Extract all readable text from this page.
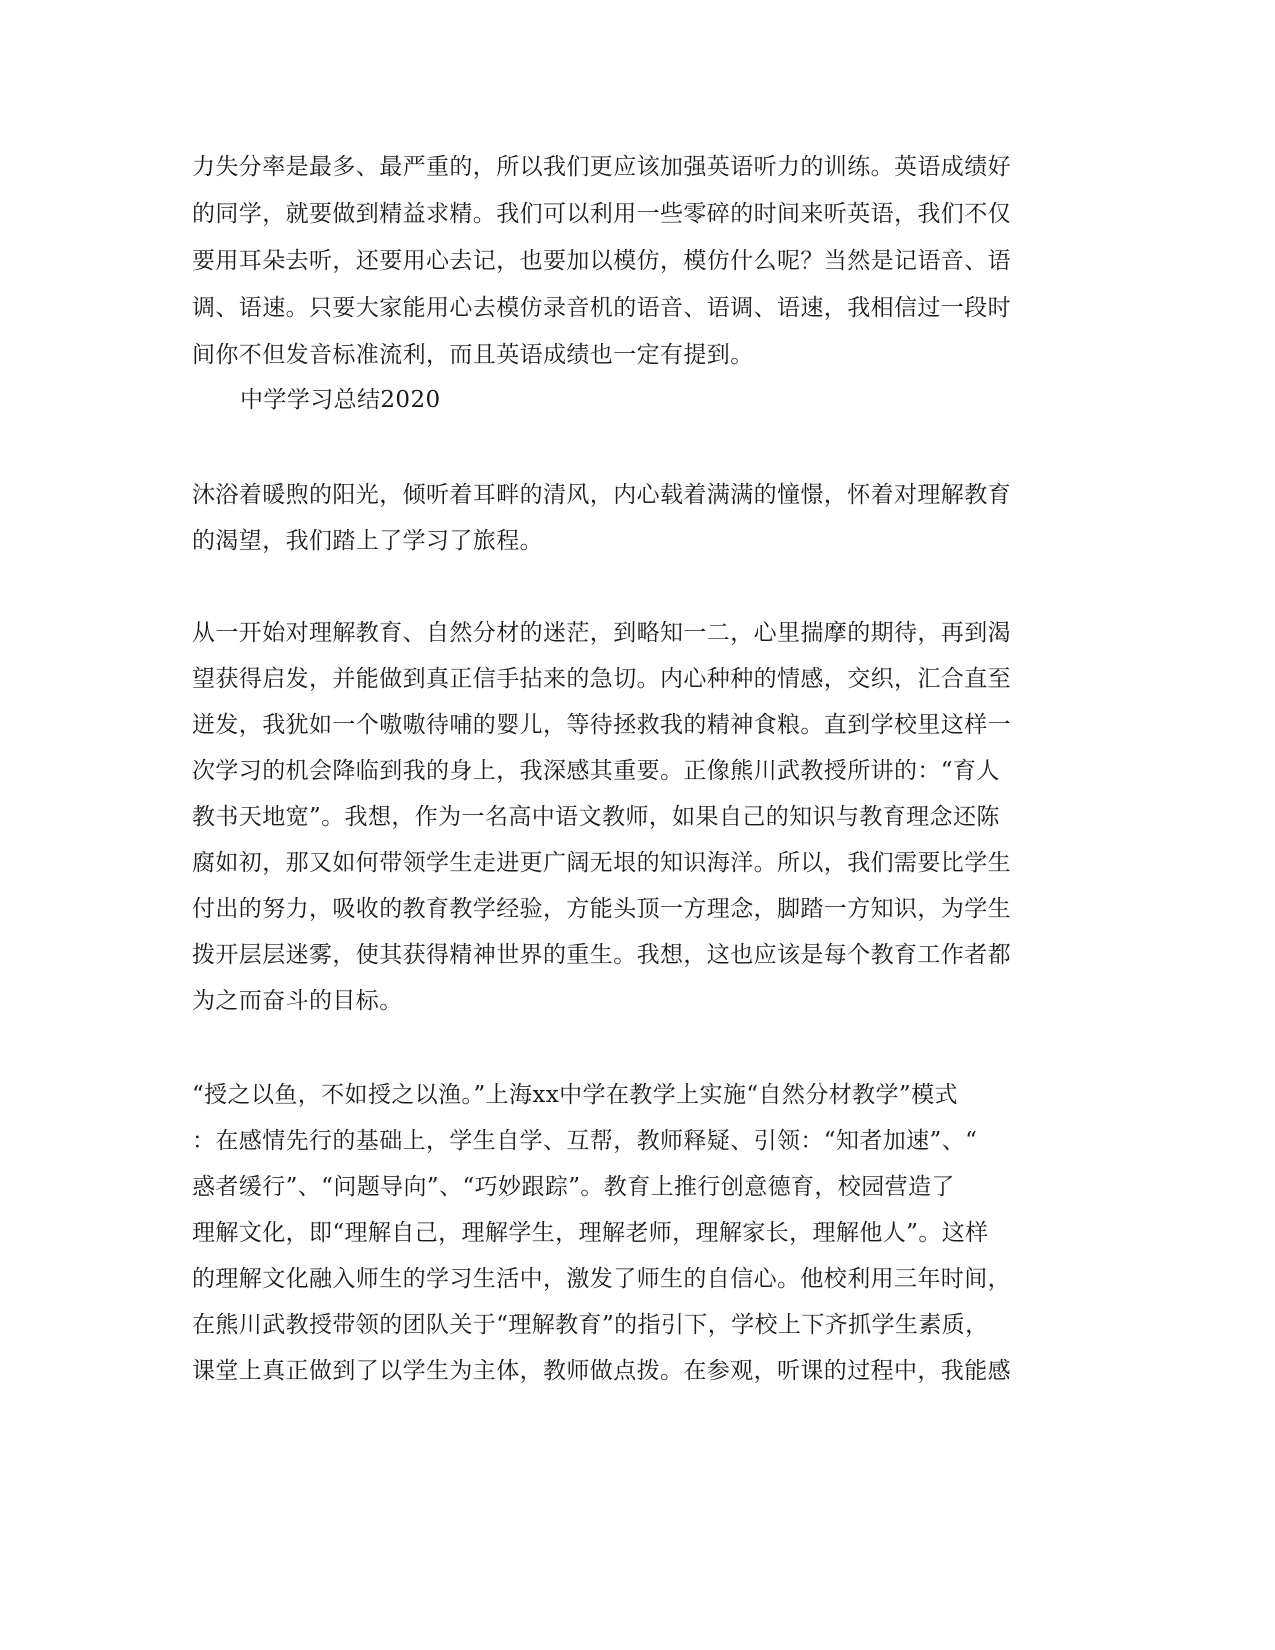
力失分率是最多、最严重的，所以我们更应该加强英语听力的训练。英语成绩好
的同学，就要做到精益求精。我们可以利用一些零碎的时间来听英语，我们不仅
要用耳朵去听，还要用心去记，也要加以模仿，模仿什么呢？当然是记语音、语
调、语速。只要大家能用心去模仿录音机的语音、语调、语速，我相信过一段时
间你不但发音标准流利，而且英语成绩也一定有提到。
中学学习总结2020
沐浴着暖煦的阳光，倾听着耳畔的清风，内心载着满满的憧憬，怀着对理解教育
的渴望，我们踏上了学习了旅程。
从一开始对理解教育、自然分材的迷茫，到略知一二，心里揣摩的期待，再到渴
望获得启发，并能做到真正信手拈来的急切。内心种种的情感，交织，汇合直至
迸发，我犹如一个嗷嗷待哺的婴儿，等待拯救我的精神食粮。直到学校里这样一
次学习的机会降临到我的身上，我深感其重要。正像熊川武教授所讲的：“育人
教书天地宽”。我想，作为一名高中语文教师，如果自己的知识与教育理念还陈
腐如初，那又如何带领学生走进更广阔无垠的知识海洋。所以，我们需要比学生
付出的努力，吸收的教育教学经验，方能头顶一方理念，脚踏一方知识，为学生
拨开层层迷雾，使其获得精神世界的重生。我想，这也应该是每个教育工作者都
为之而奋斗的目标。
“授之以鱼，不如授之以渔。”上海xx中学在教学上实施“自然分材教学”模式
：在感情先行的基础上，学生自学、互帮，教师释疑、引领：“知者加速”、“
惑者缓行”、“问题导向”、“巧妙跟踪”。教育上推行创意德育，校园营造了
理解文化，即“理解自己，理解学生，理解老师，理解家长，理解他人”。这样
的理解文化融入师生的学习生活中，激发了师生的自信心。他校利用三年时间，
在熊川武教授带领的团队关于“理解教育”的指引下，学校上下齐抓学生素质，
课堂上真正做到了以学生为主体，教师做点拨。在参观，听课的过程中，我能感
